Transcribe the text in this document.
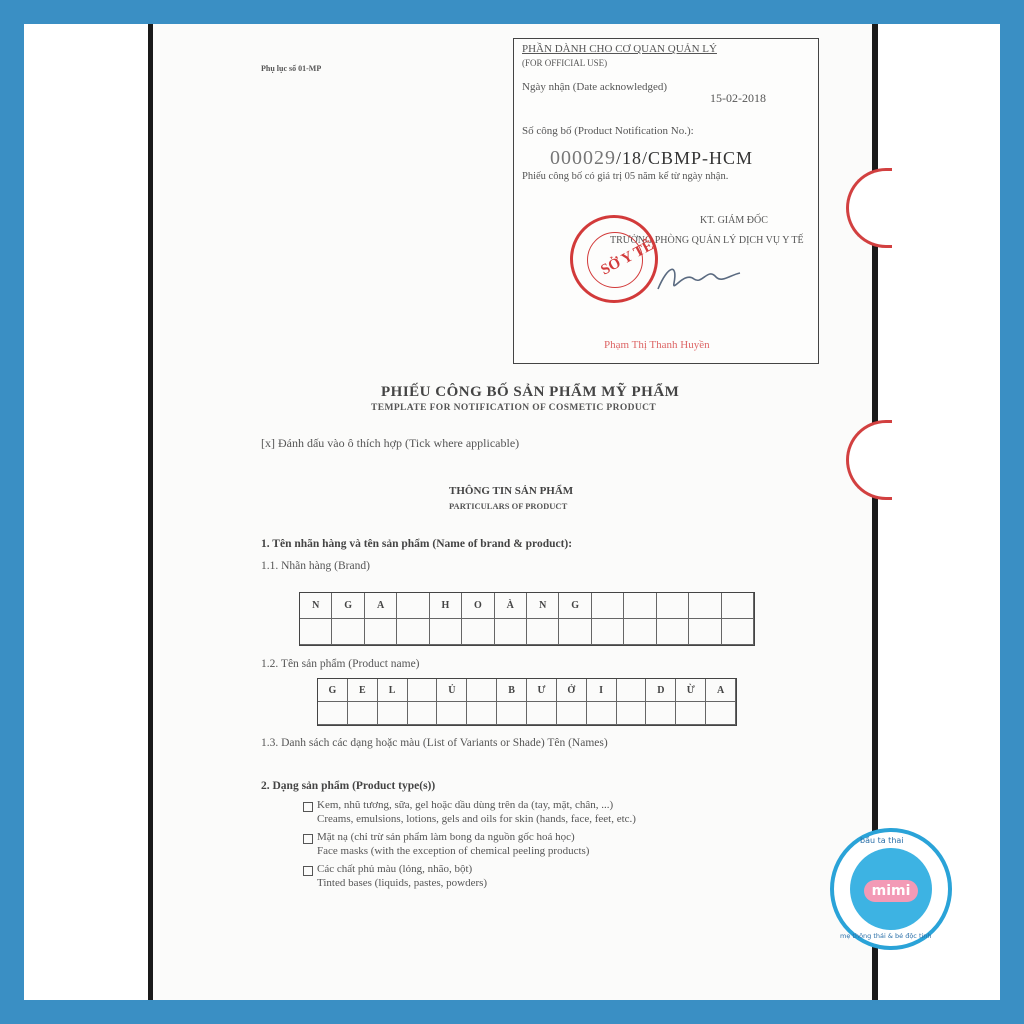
Phụ lục số 01-MP
PHẦN DÀNH CHO CƠ QUAN QUẢN LÝ
(FOR OFFICIAL USE)
Ngày nhận (Date acknowledged)
15-02-2018
Số công bố (Product Notification No.):
000029/18/CBMP-HCM
Phiếu công bố có giá trị 05 năm kể từ ngày nhận.
KT. GIÁM ĐỐC
TRƯỞNG PHÒNG QUẢN LÝ DỊCH VỤ Y TẾ
SỞ Y TẾ
Phạm Thị Thanh Huyền
PHIẾU CÔNG BỐ SẢN PHẨM MỸ PHẨM
TEMPLATE FOR NOTIFICATION OF COSMETIC PRODUCT
[x] Đánh dấu vào ô thích hợp (Tick where applicable)
THÔNG TIN SẢN PHẨM
PARTICULARS OF PRODUCT
1. Tên nhãn hàng và tên sản phẩm (Name of brand & product):
1.1. Nhãn hàng (Brand)
N	G	A	H	O	À	N	G
1.2. Tên sản phẩm (Product name)
G	E	L	Ủ	B	Ư	Ở	I	D	Ừ	A
1.3. Danh sách các dạng hoặc màu (List of Variants or Shade) Tên (Names)
2. Dạng sản phẩm (Product type(s))
Kem, nhũ tương, sữa, gel hoặc dầu dùng trên da (tay, mặt, chân, ...)
Creams, emulsions, lotions, gels and oils for skin (hands, face, feet, etc.)
Mặt nạ (chỉ trừ sản phẩm làm bong da nguồn gốc hoá học)
Face masks (with the exception of chemical peeling products)
Các chất phủ màu (lỏng, nhão, bột)
Tinted bases (liquids, pastes, powders)
bầu ta thai
mimi
mẹ thông thái & bé độc tinh
